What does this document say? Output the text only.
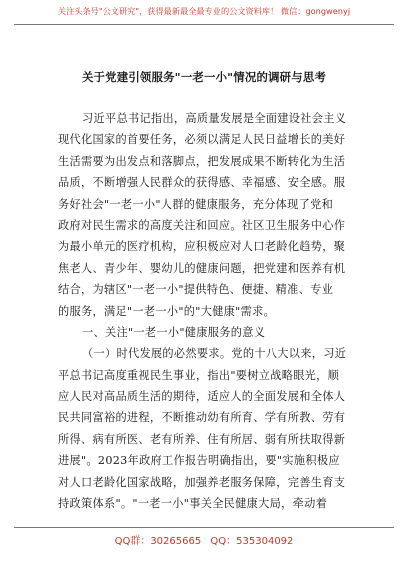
关注头条号"公文研究"，获得最新最全最专业的公文资料库！ 微信：gongwenyj
关于党建引领服务"一老一小"情况的调研与思考
习近平总书记指出，高质量发展是全面建设社会主义
现代化国家的首要任务，必须以满足人民日益增长的美好
生活需要为出发点和落脚点，把发展成果不断转化为生活
品质，不断增强人民群众的获得感、幸福感、安全感。服
务好社会"一老一小"人群的健康服务，充分体现了党和
政府对民生需求的高度关注和回应。社区卫生服务中心作
为最小单元的医疗机构，应积极应对人口老龄化趋势，聚
焦老人、青少年、婴幼儿的健康问题，把党建和医养有机
结合，为辖区"一老一小"提供特色、便捷、精准、专业
的服务，满足"一老一小"的"大健康"需求。
一、关注"一老一小"健康服务的意义
（一）时代发展的必然要求。党的十八大以来，习近
平总书记高度重视民生事业，指出"要树立战略眼光，顺
应人民对高品质生活的期待，适应人的全面发展和全体人
民共同富裕的进程，不断推动幼有所育、学有所教、劳有
所得、病有所医、老有所养、住有所居、弱有所扶取得新
进展"。2023年政府工作报告明确指出，要"实施积极应
对人口老龄化国家战略，加强养老服务保障，完善生育支
持政策体系"。"一老一小"事关全民健康大局，牵动着
QQ群：30265665 QQ：535304092
